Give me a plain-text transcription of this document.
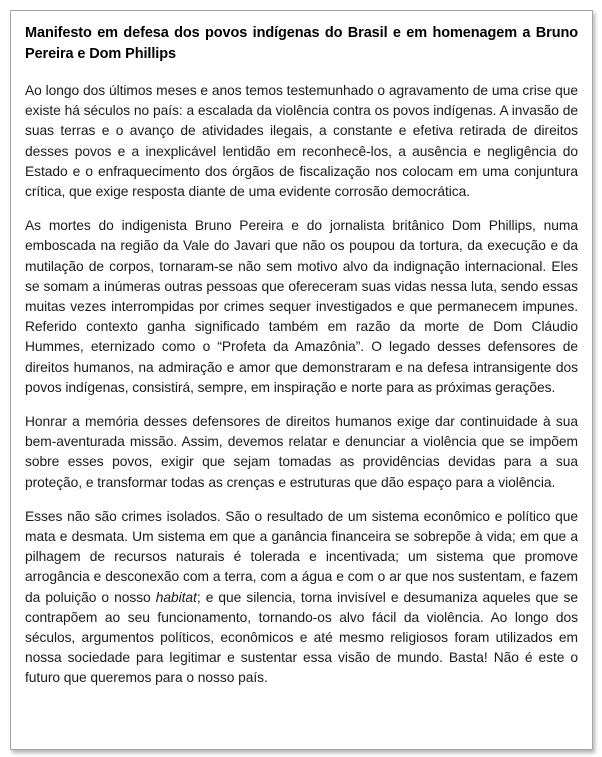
Manifesto em defesa dos povos indígenas do Brasil e em homenagem a Bruno Pereira e Dom Phillips

Ao longo dos últimos meses e anos temos testemunhado o agravamento de uma crise que existe há séculos no país: a escalada da violência contra os povos indígenas. A invasão de suas terras e o avanço de atividades ilegais, a constante e efetiva retirada de direitos desses povos e a inexplicável lentidão em reconhecê-los, a ausência e negligência do Estado e o enfraquecimento dos órgãos de fiscalização nos colocam em uma conjuntura crítica, que exige resposta diante de uma evidente corrosão democrática.

As mortes do indigenista Bruno Pereira e do jornalista britânico Dom Phillips, numa emboscada na região da Vale do Javari que não os poupou da tortura, da execução e da mutilação de corpos, tornaram-se não sem motivo alvo da indignação internacional. Eles se somam a inúmeras outras pessoas que ofereceram suas vidas nessa luta, sendo essas muitas vezes interrompidas por crimes sequer investigados e que permanecem impunes. Referido contexto ganha significado também em razão da morte de Dom Cláudio Hummes, eternizado como o “Profeta da Amazônia”. O legado desses defensores de direitos humanos, na admiração e amor que demonstraram e na defesa intransigente dos povos indígenas, consistirá, sempre, em inspiração e norte para as próximas gerações.

Honrar a memória desses defensores de direitos humanos exige dar continuidade à sua bem-aventurada missão. Assim, devemos relatar e denunciar a violência que se impõem sobre esses povos, exigir que sejam tomadas as providências devidas para a sua proteção, e transformar todas as crenças e estruturas que dão espaço para a violência.

Esses não são crimes isolados. São o resultado de um sistema econômico e político que mata e desmata. Um sistema em que a ganância financeira se sobrepõe à vida; em que a pilhagem de recursos naturais é tolerada e incentivada; um sistema que promove arrogância e desconexão com a terra, com a água e com o ar que nos sustentam, e fazem da poluição o nosso habitat; e que silencia, torna invisível e desumaniza aqueles que se contrapõem ao seu funcionamento, tornando-os alvo fácil da violência. Ao longo dos séculos, argumentos políticos, econômicos e até mesmo religiosos foram utilizados em nossa sociedade para legitimar e sustentar essa visão de mundo. Basta! Não é este o futuro que queremos para o nosso país.
